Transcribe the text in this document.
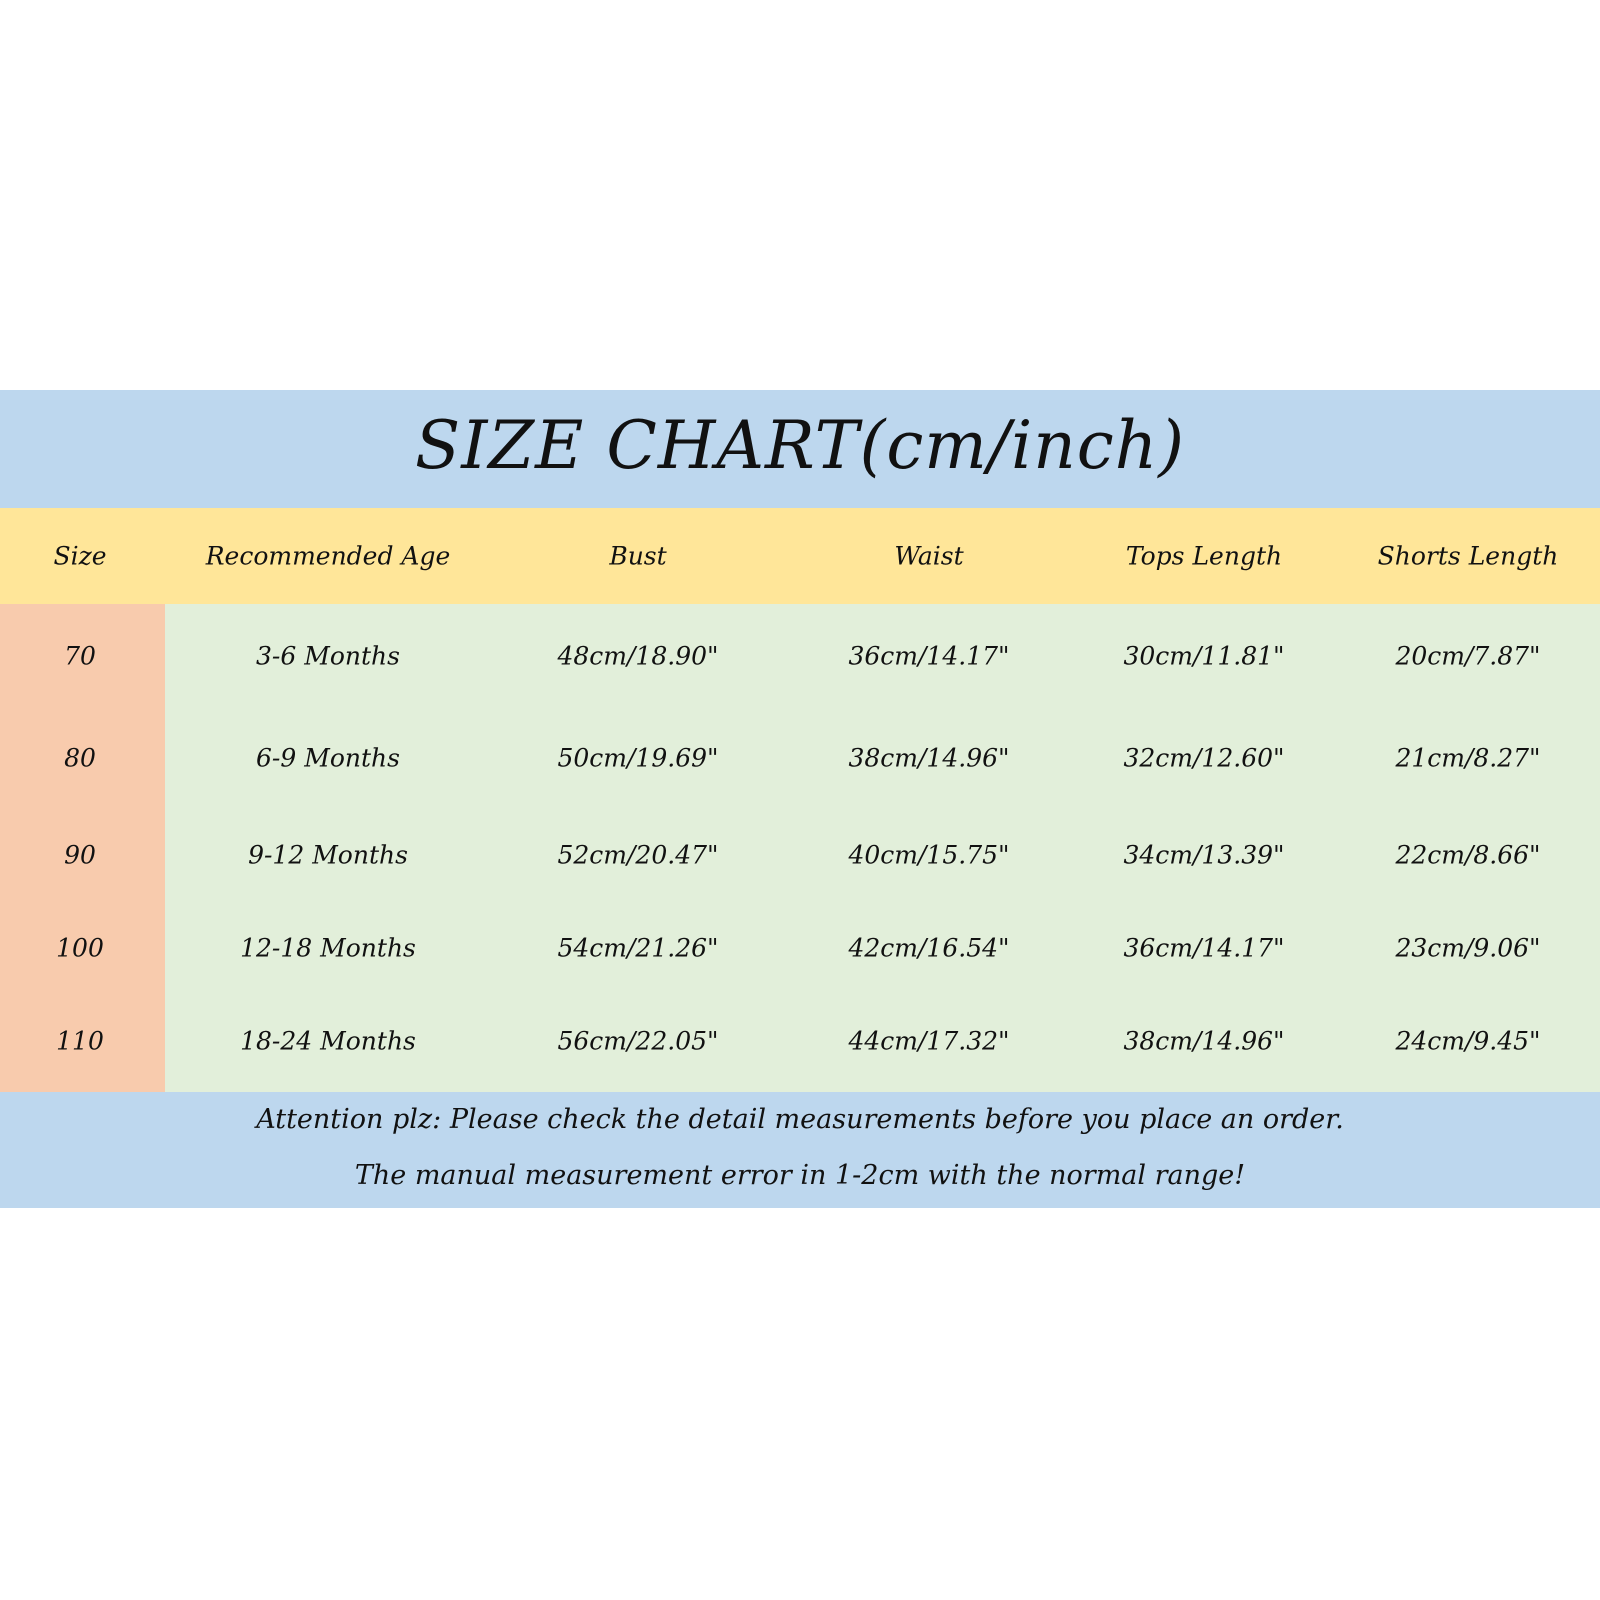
SIZE CHART(cm/inch)
Size	Recommended Age	Bust	Waist	Tops Length	Shorts Length
70	3-6 Months	48cm/18.90"	36cm/14.17"	30cm/11.81"	20cm/7.87"
80	6-9 Months	50cm/19.69"	38cm/14.96"	32cm/12.60"	21cm/8.27"
90	9-12 Months	52cm/20.47"	40cm/15.75"	34cm/13.39"	22cm/8.66"
100	12-18 Months	54cm/21.26"	42cm/16.54"	36cm/14.17"	23cm/9.06"
110	18-24 Months	56cm/22.05"	44cm/17.32"	38cm/14.96"	24cm/9.45"
Attention plz: Please check the detail measurements before you place an order.
The manual measurement error in 1-2cm with the normal range!
